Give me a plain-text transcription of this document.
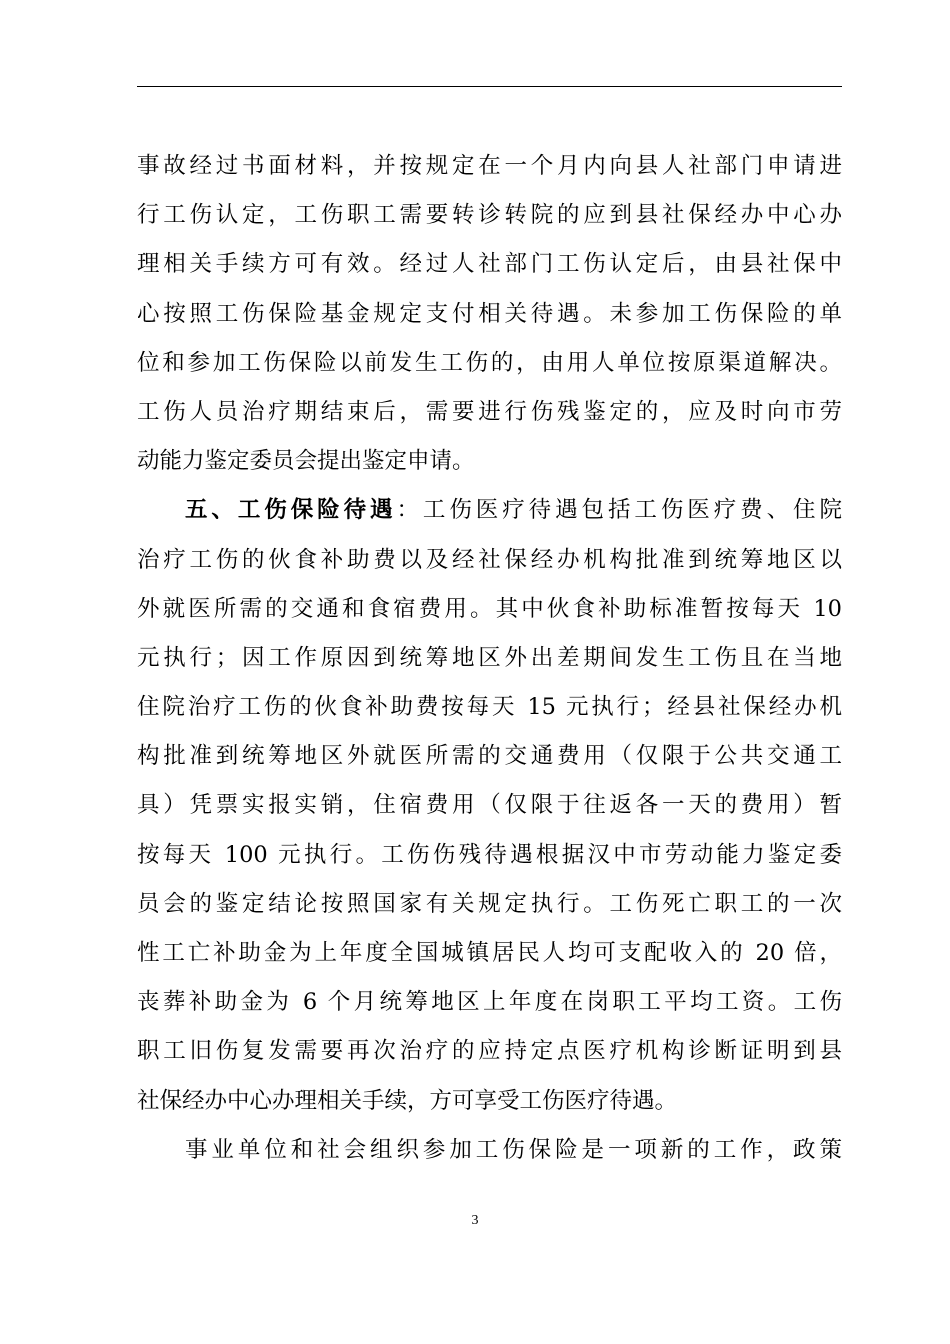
事故经过书面材料，并按规定在一个月内向县人社部门申请进
行工伤认定，工伤职工需要转诊转院的应到县社保经办中心办
理相关手续方可有效。经过人社部门工伤认定后，由县社保中
心按照工伤保险基金规定支付相关待遇。未参加工伤保险的单
位和参加工伤保险以前发生工伤的，由用人单位按原渠道解决。
工伤人员治疗期结束后，需要进行伤残鉴定的，应及时向市劳
动能力鉴定委员会提出鉴定申请。
五、工伤保险待遇：工伤医疗待遇包括工伤医疗费、住院
治疗工伤的伙食补助费以及经社保经办机构批准到统筹地区以
外就医所需的交通和食宿费用。其中伙食补助标准暂按每天 10
元执行；因工作原因到统筹地区外出差期间发生工伤且在当地
住院治疗工伤的伙食补助费按每天 15 元执行；经县社保经办机
构批准到统筹地区外就医所需的交通费用（仅限于公共交通工
具）凭票实报实销，住宿费用（仅限于往返各一天的费用）暂
按每天 100 元执行。工伤伤残待遇根据汉中市劳动能力鉴定委
员会的鉴定结论按照国家有关规定执行。工伤死亡职工的一次
性工亡补助金为上年度全国城镇居民人均可支配收入的 20 倍，
丧葬补助金为 6 个月统筹地区上年度在岗职工平均工资。工伤
职工旧伤复发需要再次治疗的应持定点医疗机构诊断证明到县
社保经办中心办理相关手续，方可享受工伤医疗待遇。
事业单位和社会组织参加工伤保险是一项新的工作，政策
3
